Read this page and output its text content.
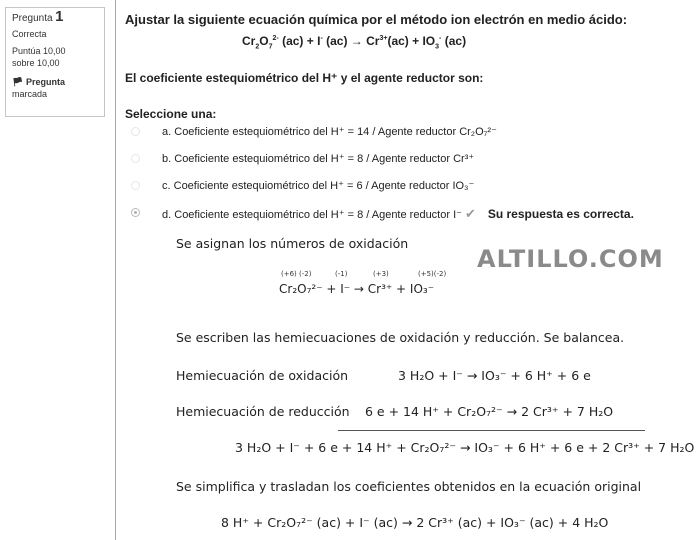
Pregunta 1
Correcta
Puntúa 10,00
sobre 10,00
🏴︎ Pregunta
marcada
Ajustar la siguiente ecuación química por el método ion electrón en medio ácido:
$Cr_2O_7^{2-}$ (ac) + I- $(ac) \to Cr^{3+}(ac) + IO_3^-$ (ac)
El coeficiente estequiométrico del H⁺ y el agente reductor son:
Seleccione una:
a. Coeficiente estequiométrico del H⁺ = 14 / Agente reductor Cr₂O₇²⁻
b. Coeficiente estequiométrico del H⁺ = 8 / Agente reductor Cr³⁺
c. Coeficiente estequiométrico del H⁺ = 6 / Agente reductor IO₃⁻
d. Coeficiente estequiométrico del H⁺ = 8 / Agente reductor I⁻ ✔ Su respuesta es correcta.
Se asignan los números de oxidación
ALTILLO.COM
(+6) (-2)	(-1)	(+3)	(+5)(-2)
Cr₂O₇²⁻ + I⁻ → Cr³⁺ + IO₃⁻
Se escriben las hemiecuaciones de oxidación y reducción. Se balancea.
Hemiecuación de oxidación	3 H₂O + I⁻ → IO₃⁻ + 6 H⁺ + 6 e
Hemiecuación de reducción 6 e + 14 H⁺ + Cr₂O₇²⁻ → 2 Cr³⁺ + 7 H₂O
3 H₂O + I⁻ + 6 e + 14 H⁺ + Cr₂O₇²⁻ → IO₃⁻ + 6 H⁺ + 6 e + 2 Cr³⁺ + 7 H₂O
Se simplifica y trasladan los coeficientes obtenidos en la ecuación original
8 H⁺ + Cr₂O₇²⁻ (ac) + I⁻ (ac) → 2 Cr³⁺ (ac) + IO₃⁻ (ac) + 4 H₂O
